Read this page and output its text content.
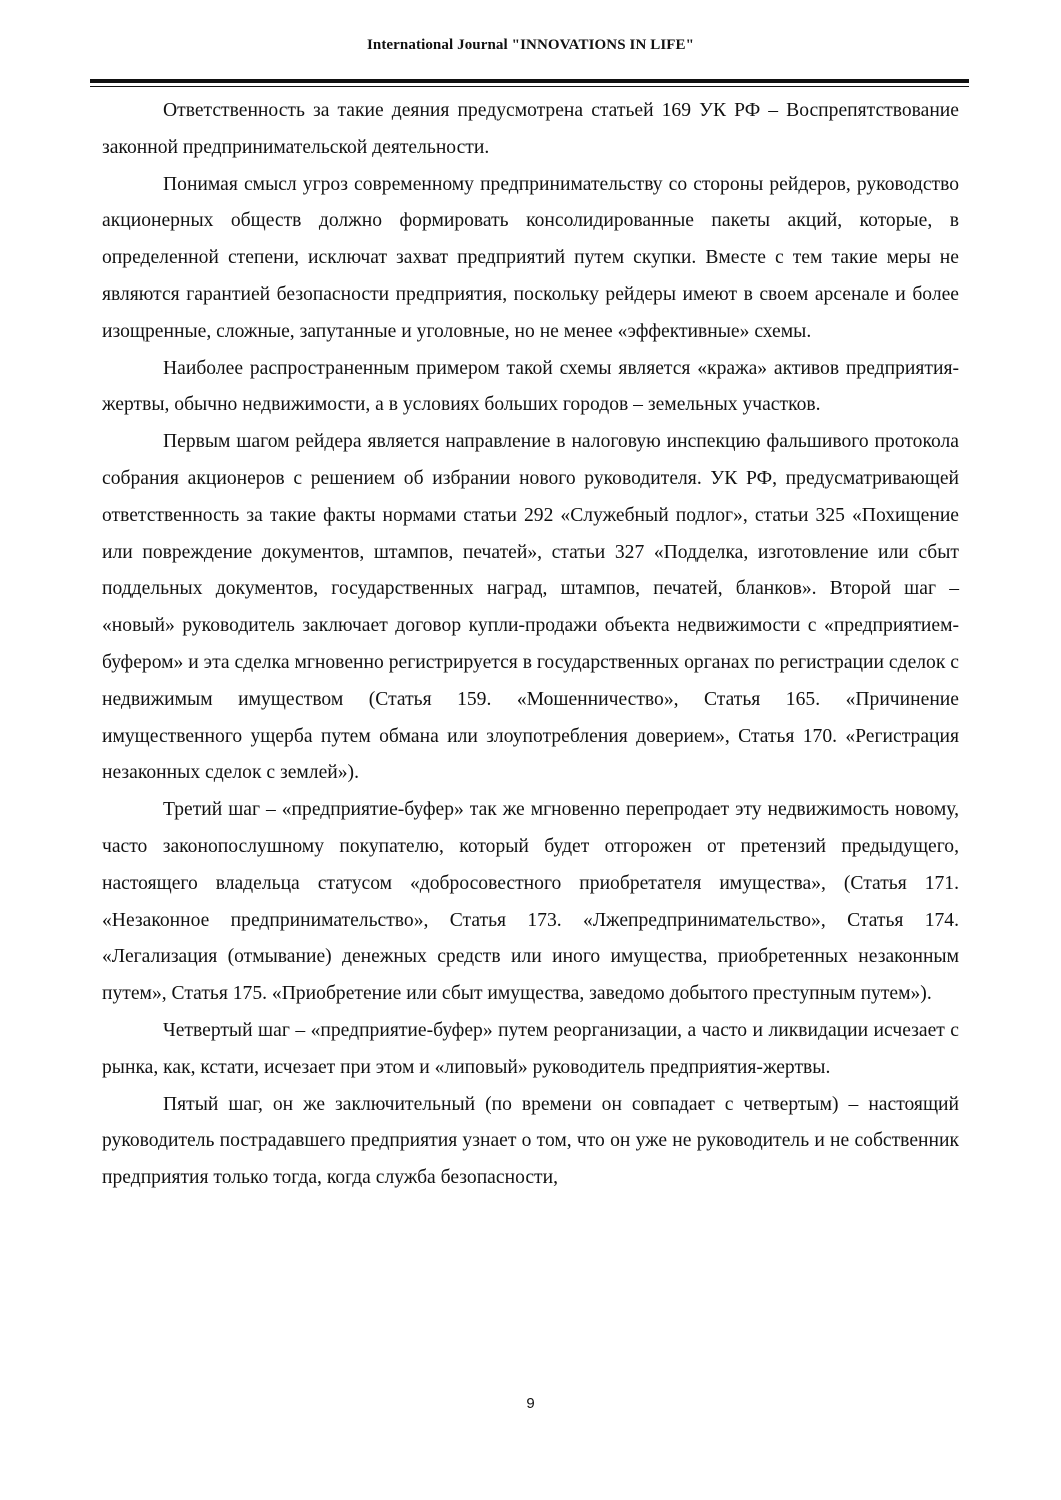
International Journal "INNOVATIONS IN LIFE"

Ответственность за такие деяния предусмотрена статьей 169 УК РФ – Воспрепятствование законной предпринимательской деятельности.

Понимая смысл угроз современному предпринимательству со стороны рейдеров, руководство акционерных обществ должно формировать консолидированные пакеты акций, которые, в определенной степени, исключат захват предприятий путем скупки. Вместе с тем такие меры не являются гарантией безопасности предприятия, поскольку рейдеры имеют в своем арсенале и более изощренные, сложные, запутанные и уголовные, но не менее «эффективные» схемы.

Наиболее распространенным примером такой схемы является «кража» активов предприятия-жертвы, обычно недвижимости, а в условиях больших городов – земельных участков.

Первым шагом рейдера является направление в налоговую инспекцию фальшивого протокола собрания акционеров с решением об избрании нового руководителя. УК РФ, предусматривающей ответственность за такие факты нормами статьи 292 «Служебный подлог», статьи 325 «Похищение или повреждение документов, штампов, печатей», статьи 327 «Подделка, изготовление или сбыт поддельных документов, государственных наград, штампов, печатей, бланков». Второй шаг – «новый» руководитель заключает договор купли-продажи объекта недвижимости с «предприятием-буфером» и эта сделка мгновенно регистрируется в государственных органах по регистрации сделок с недвижимым имуществом (Статья 159. «Мошенничество», Статья 165. «Причинение имущественного ущерба путем обмана или злоупотребления доверием», Статья 170. «Регистрация незаконных сделок с землей»).

Третий шаг – «предприятие-буфер» так же мгновенно перепродает эту недвижимость новому, часто законопослушному покупателю, который будет отгорожен от претензий предыдущего, настоящего владельца статусом «добросовестного приобретателя имущества», (Статья 171. «Незаконное предпринимательство», Статья 173. «Лжепредпринимательство», Статья 174. «Легализация (отмывание) денежных средств или иного имущества, приобретенных незаконным путем», Статья 175. «Приобретение или сбыт имущества, заведомо добытого преступным путем»).

Четвертый шаг – «предприятие-буфер» путем реорганизации, а часто и ликвидации исчезает с рынка, как, кстати, исчезает при этом и «липовый» руководитель предприятия-жертвы.

Пятый шаг, он же заключительный (по времени он совпадает с четвертым) – настоящий руководитель пострадавшего предприятия узнает о том, что он уже не руководитель и не собственник предприятия только тогда, когда служба безопасности,

9
